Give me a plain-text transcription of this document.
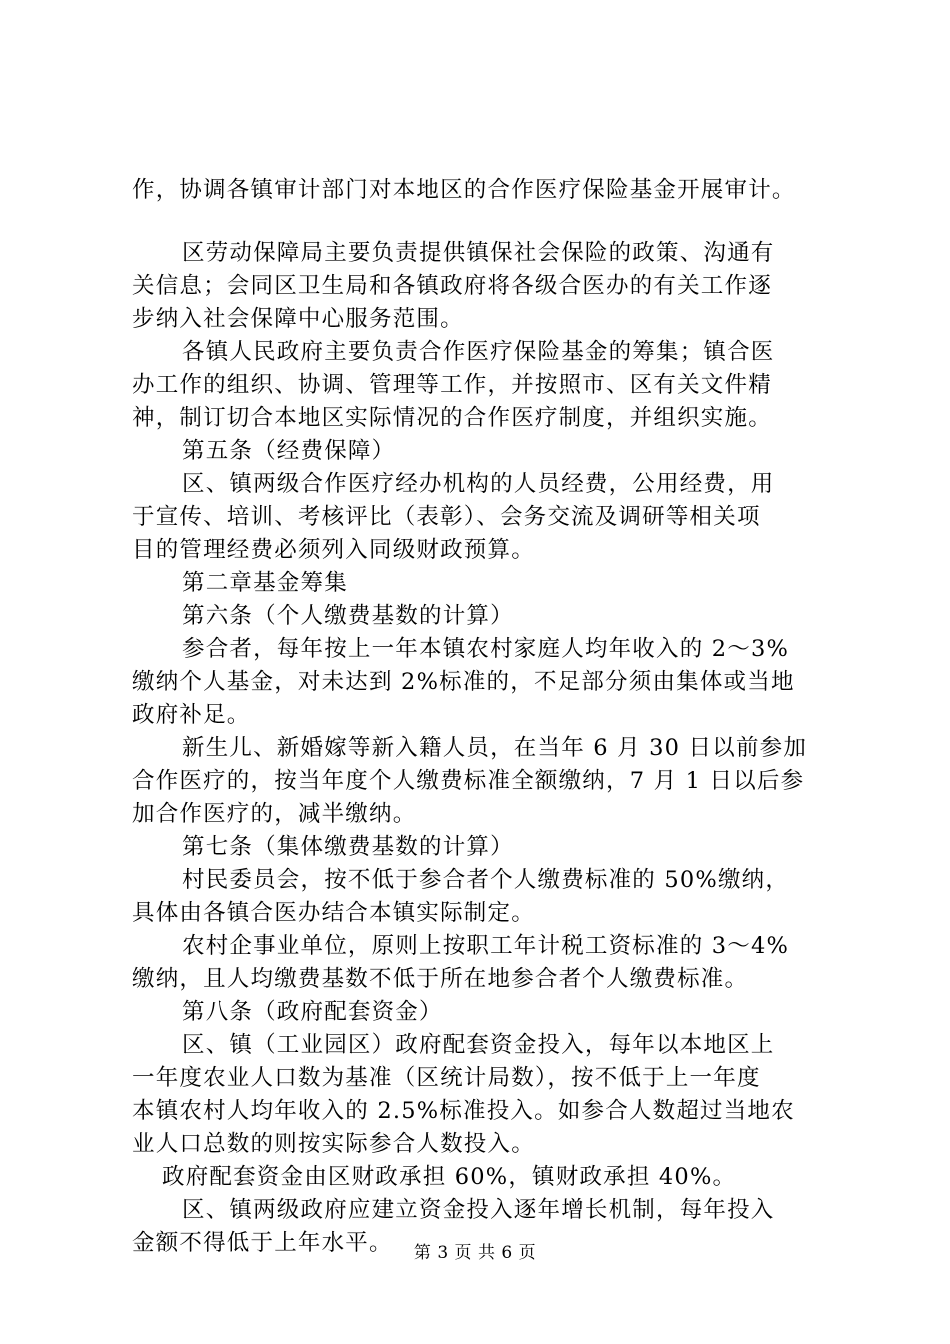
作，协调各镇审计部门对本地区的合作医疗保险基金开展审计。
区劳动保障局主要负责提供镇保社会保险的政策、沟通有
关信息；会同区卫生局和各镇政府将各级合医办的有关工作逐
步纳入社会保障中心服务范围。
各镇人民政府主要负责合作医疗保险基金的筹集；镇合医
办工作的组织、协调、管理等工作，并按照市、区有关文件精
神，制订切合本地区实际情况的合作医疗制度，并组织实施。
第五条（经费保障）
区、镇两级合作医疗经办机构的人员经费，公用经费，用
于宣传、培训、考核评比（表彰）、会务交流及调研等相关项
目的管理经费必须列入同级财政预算。
第二章基金筹集
第六条（个人缴费基数的计算）
参合者，每年按上一年本镇农村家庭人均年收入的 2～3%
缴纳个人基金，对未达到 2%标准的，不足部分须由集体或当地
政府补足。
新生儿、新婚嫁等新入籍人员，在当年 6 月 30 日以前参加
合作医疗的，按当年度个人缴费标准全额缴纳，7 月 1 日以后参
加合作医疗的，减半缴纳。
第七条（集体缴费基数的计算）
村民委员会，按不低于参合者个人缴费标准的 50%缴纳，
具体由各镇合医办结合本镇实际制定。
农村企事业单位，原则上按职工年计税工资标准的 3～4%
缴纳，且人均缴费基数不低于所在地参合者个人缴费标准。
第八条（政府配套资金）
区、镇（工业园区）政府配套资金投入，每年以本地区上
一年度农业人口数为基准（区统计局数），按不低于上一年度
本镇农村人均年收入的 2.5%标准投入。如参合人数超过当地农
业人口总数的则按实际参合人数投入。
政府配套资金由区财政承担 60%，镇财政承担 40%。
区、镇两级政府应建立资金投入逐年增长机制，每年投入
金额不得低于上年水平。	第 3 页 共 6 页
